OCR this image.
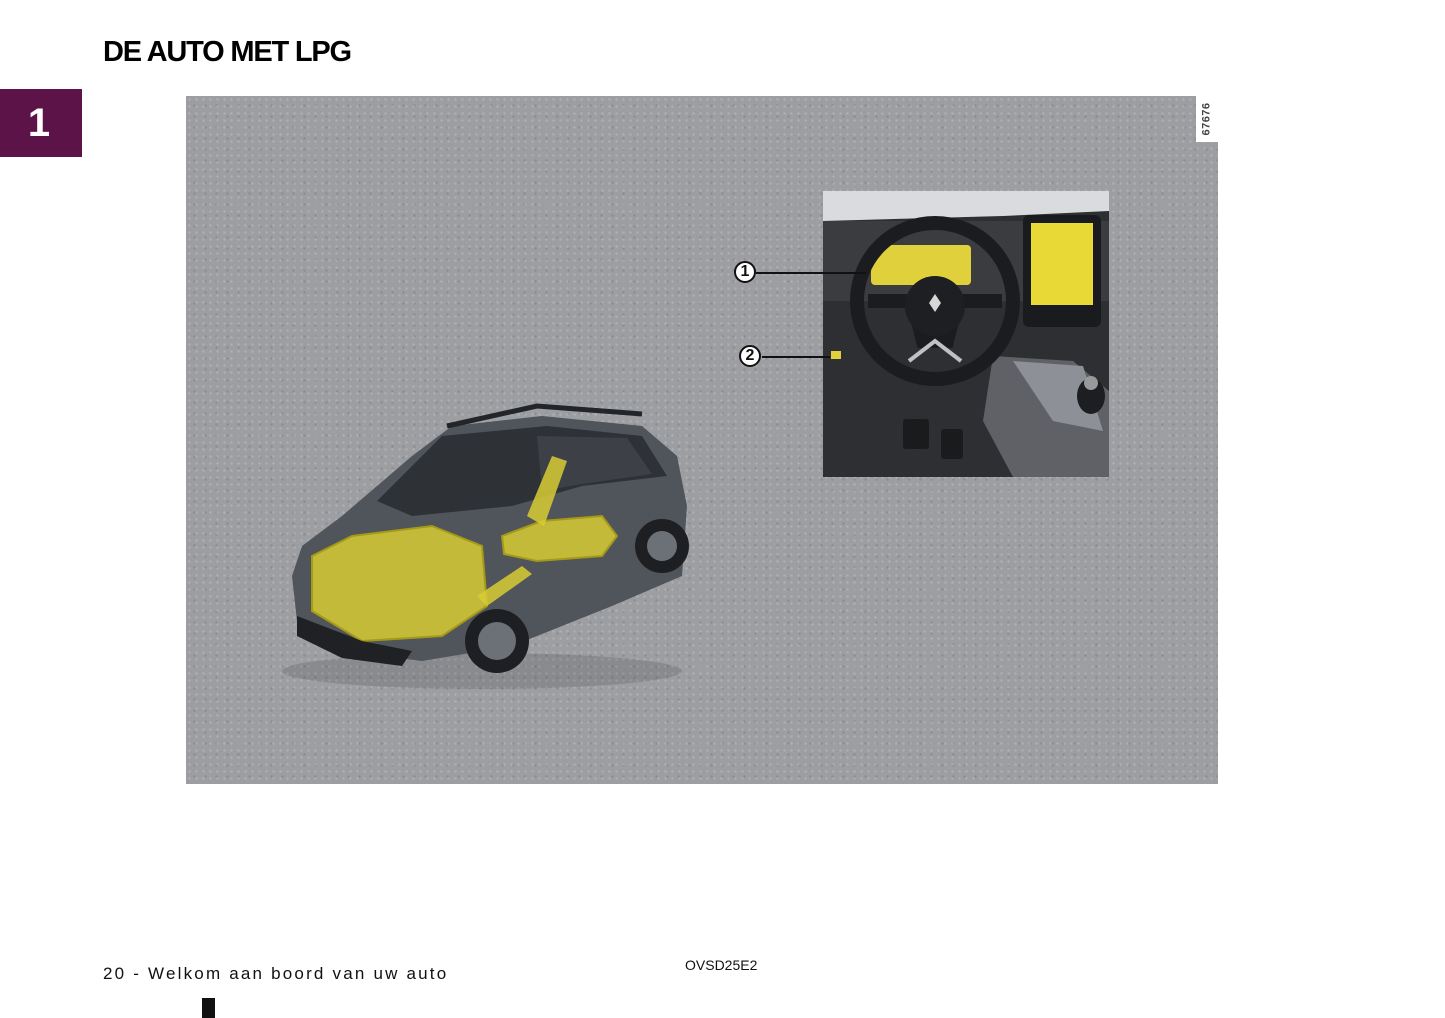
1
DE AUTO MET LPG
67676
1
2
20 - Welkom aan boord van uw auto	OVSD25E2
